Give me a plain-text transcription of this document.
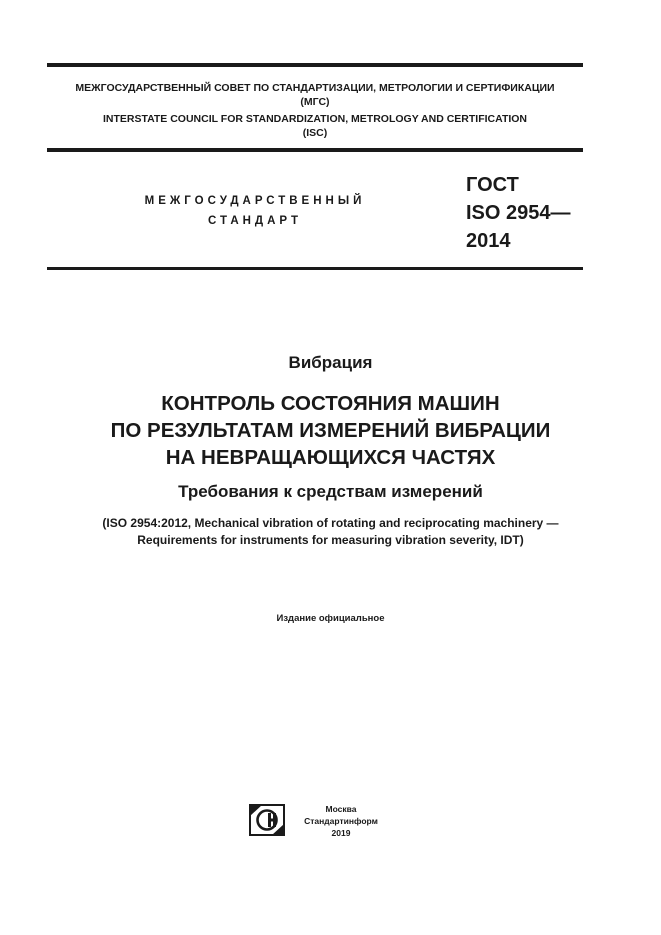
МЕЖГОСУДАРСТВЕННЫЙ СОВЕТ ПО СТАНДАРТИЗАЦИИ, МЕТРОЛОГИИ И СЕРТИФИКАЦИИ
(МГС)
INTERSTATE COUNCIL FOR STANDARDIZATION, METROLOGY AND CERTIFICATION
(ISC)
МЕЖГОСУДАРСТВЕННЫЙ
СТАНДАРТ
ГОСТ
ISO 2954—
2014
Вибрация
КОНТРОЛЬ СОСТОЯНИЯ МАШИН
ПО РЕЗУЛЬТАТАМ ИЗМЕРЕНИЙ ВИБРАЦИИ
НА НЕВРАЩАЮЩИХСЯ ЧАСТЯХ
Требования к средствам измерений
(ISO 2954:2012, Mechanical vibration of rotating and reciprocating machinery —
Requirements for instruments for measuring vibration severity, IDT)
Издание официальное
Москва
Стандартинформ
2019
